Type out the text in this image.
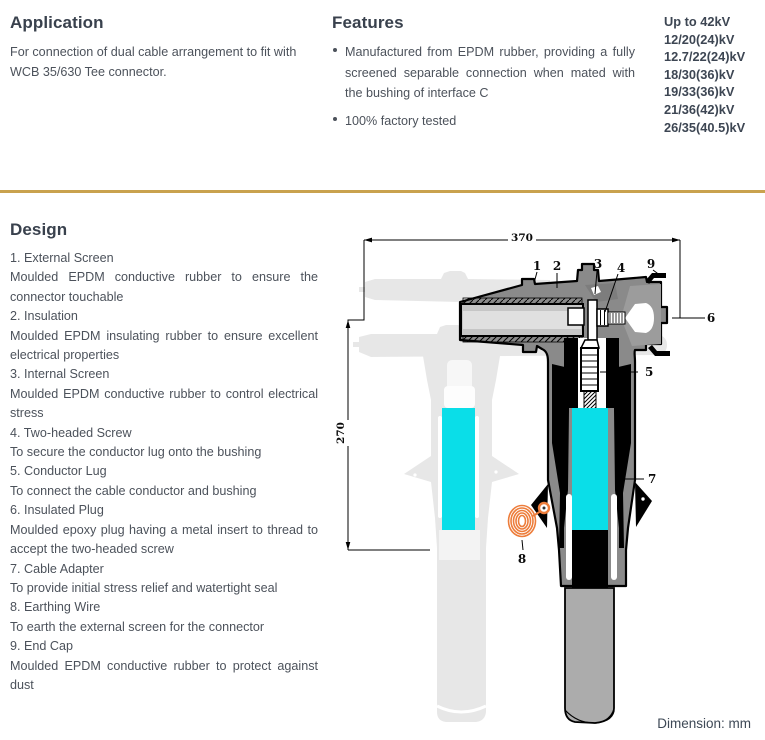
Application
For connection of dual cable arrangement to fit with WCB 35/630 Tee connector.
Features
Manufactured from EPDM rubber, providing a fully screened separable connection when mated with the bushing of interface C
100% factory tested
Up to 42kV
12/20(24)kV
12.7/22(24)kV
18/30(36)kV
19/33(36)kV
21/36(42)kV
26/35(40.5)kV
Design
1. External Screen
Moulded EPDM conductive rubber to ensure the connector touchable
2. Insulation
Moulded EPDM insulating rubber to ensure excellent electrical properties
3. Internal Screen
Moulded EPDM conductive rubber to control electrical stress
4. Two-headed Screw
To secure the conductor lug onto the bushing
5. Conductor Lug
To connect the cable conductor and bushing
6. Insulated Plug
Moulded epoxy plug having a metal insert to thread to accept the two-headed screw
7. Cable Adapter
To provide initial stress relief and watertight seal
8. Earthing Wire
To earth the external screen for the connector
9. End Cap
Moulded EPDM conductive rubber to protect against dust
370
270
1 2	3 4 9
6
5
7
8
Dimension: mm
